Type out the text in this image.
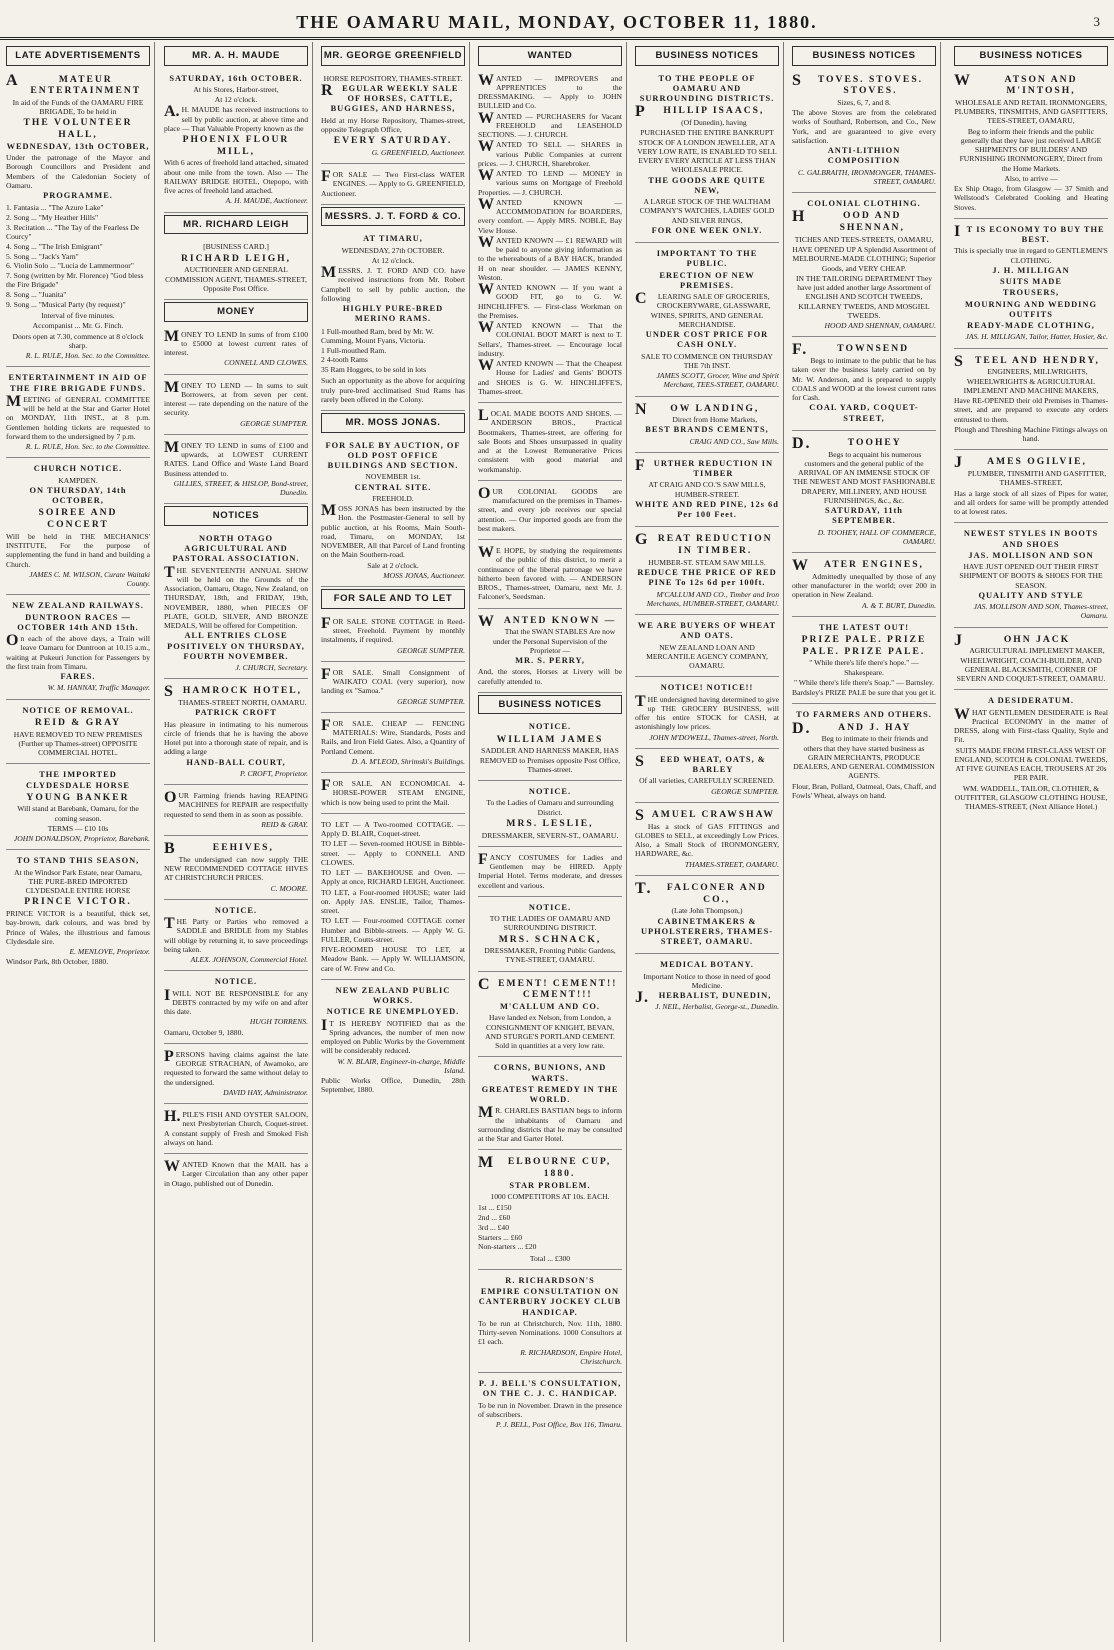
THE OAMARU MAIL, MONDAY, OCTOBER 11, 1880.	3
LATE ADVERTISEMENTS
AMATEUR ENTERTAINMENT
In aid of the Funds of the OAMARU FIRE BRIGADE, To be held in
THE VOLUNTEER HALL,
WEDNESDAY, 13th OCTOBER,
Under the patronage of the Mayor and Borough Councillors and President and Members of the Caledonian Society of Oamaru.
PROGRAMME.
1. Fantasia ... "The Azure Lake"
2. Song ... "My Heather Hills"
3. Recitation ... "The Tay of the Fearless De Courcy"
4. Song ... "The Irish Emigrant"
5. Song ... "Jack's Yarn"
6. Violin Solo ... "Lucia de Lammermoor"
7. Song (written by Mr. Florence) "God bless the Fire Brigade"
8. Song ... "Juanita"
9. Song ... "Musical Party (by request)"
Interval of five minutes.
Accompanist ... Mr. G. Finch.
Doors open at 7.30, commence at 8 o'clock sharp.
R. L. RULE, Hon. Sec. to the Committee.
ENTERTAINMENT IN AID OF THE FIRE BRIGADE FUNDS.
MEETING of GENERAL COMMITTEE will be held at the Star and Garter Hotel on MONDAY, 11th INST., at 8 p.m. Gentlemen holding tickets are requested to forward them to the undersigned by 7 p.m.
R. L. RULE, Hon. Sec. to the Committee.
CHURCH NOTICE.
KAMPDEN.
ON THURSDAY, 14th OCTOBER,
SOIREE AND CONCERT
Will be held in THE MECHANICS' INSTITUTE, For the purpose of supplementing the fund in hand and building a Church.
JAMES C. M. WILSON, Curate Waitaki County.
NEW ZEALAND RAILWAYS.
DUNTROON RACES — OCTOBER 14th AND 15th.
On each of the above days, a Train will leave Oamaru for Duntroon at 10.15 a.m., waiting at Pukeuri Junction for Passengers by the first train from Timaru.
FARES.
W. M. HANNAY, Traffic Manager.
NOTICE OF REMOVAL.
REID & GRAY
HAVE REMOVED TO NEW PREMISES (Further up Thames-street) OPPOSITE COMMERCIAL HOTEL.
THE IMPORTED CLYDESDALE HORSE
YOUNG BANKER
Will stand at Barebank, Oamaru, for the coming season.
TERMS — £10 10s
JOHN DONALDSON, Proprietor, Barebank.
TO STAND THIS SEASON,
At the Windsor Park Estate, near Oamaru, THE PURE-BRED IMPORTED CLYDESDALE ENTIRE HORSE
PRINCE VICTOR.
PRINCE VICTOR is a beautiful, thick set, bay-brown, dark colours, and was bred by Prince of Wales, the illustrious and famous Clydesdale sire.
E. MENLOVE, Proprietor.
Windsor Park, 8th October, 1880.
MR. A. H. MAUDE
SATURDAY, 16th OCTOBER.
At his Stores, Harbor-street,
At 12 o'clock.
A.H. MAUDE has received instructions to sell by public auction, at above time and place — That Valuable Property known as the
PHOENIX FLOUR MILL,
With 6 acres of freehold land attached, situated about one mile from the town. Also — The RAILWAY BRIDGE HOTEL, Otepopo, with five acres of freehold land attached.
A. H. MAUDE, Auctioneer.
MR. RICHARD LEIGH
[BUSINESS CARD.]
RICHARD LEIGH,
AUCTIONEER AND GENERAL COMMISSION AGENT, THAMES-STREET, Opposite Post Office.
MONEY
MONEY TO LEND In sums of from £100 to £5000 at lowest current rates of interest.
CONNELL AND CLOWES.
MONEY TO LEND — In sums to suit Borrowers, at from seven per cent. interest — rate depending on the nature of the security.
GEORGE SUMPTER.
MONEY TO LEND in sums of £100 and upwards, at LOWEST CURRENT RATES. Land Office and Waste Land Board Business attended to.
GILLIES, STREET, & HISLOP, Bond-street, Dunedin.
NOTICES
NORTH OTAGO AGRICULTURAL AND PASTORAL ASSOCIATION.
THE SEVENTEENTH ANNUAL SHOW will be held on the Grounds of the Association, Oamaru, Otago, New Zealand, on THURSDAY, 18th, and FRIDAY, 19th, NOVEMBER, 1880, when PIECES OF PLATE, GOLD, SILVER, AND BRONZE MEDALS, Will be offered for Competition.
ALL ENTRIES CLOSE POSITIVELY ON THURSDAY, FOURTH NOVEMBER.
J. CHURCH, Secretary.
SHAMROCK HOTEL,
THAMES-STREET NORTH, OAMARU.
PATRICK CROFT
Has pleasure in intimating to his numerous circle of friends that he is having the above Hotel put into a thorough state of repair, and is adding a large
HAND-BALL COURT,
P. CROFT, Proprietor.
OUR Farming friends having REAPING MACHINES for REPAIR are respectfully requested to send them in as soon as possible.
REID & GRAY.
BEEHIVES,
The undersigned can now supply THE NEW RECOMMENDED COTTAGE HIVES AT CHRISTCHURCH PRICES.
C. MOORE.
NOTICE.
THE Party or Parties who removed a SADDLE and BRIDLE from my Stables will oblige by returning it, to save proceedings being taken.
ALEX. JOHNSON, Commercial Hotel.
NOTICE.
IWILL NOT BE RESPONSIBLE for any DEBTS contracted by my wife on and after this date.
HUGH TORRENS.
Oamaru, October 9, 1880.
PERSONS having claims against the late GEORGE STRACHAN, of Awamoko, are requested to forward the same without delay to the undersigned.
DAVID HAY, Administrator.
H.PILE'S FISH AND OYSTER SALOON, next Presbyterian Church, Coquet-street. A constant supply of Fresh and Smoked Fish always on hand.
WANTED Known that the MAIL has a Larger Circulation than any other paper in Otago, published out of Dunedin.
MR. GEORGE GREENFIELD
HORSE REPOSITORY, THAMES-STREET.
REGULAR WEEKLY SALE OF HORSES, CATTLE, BUGGIES, AND HARNESS,
Held at my Horse Repository, Thames-street, opposite Telegraph Office,
EVERY SATURDAY.
G. GREENFIELD, Auctioneer.
FOR SALE — Two First-class WATER ENGINES. — Apply to G. GREENFIELD, Auctioneer.
MESSRS. J. T. FORD & CO.
AT TIMARU,
WEDNESDAY, 27th OCTOBER.
At 12 o'clock.
MESSRS. J. T. FORD AND CO. have received instructions from Mr. Robert Campbell to sell by public auction, the following
HIGHLY PURE-BRED MERINO RAMS.
1 Full-mouthed Ram, bred by Mr. W. Cumming, Mount Fyans, Victoria.
1 Full-mouthed Ram.
2 4-tooth Rams
35 Ram Hoggets, to be sold in lots
Such an opportunity as the above for acquiring truly pure-bred acclimatised Stud Rams has rarely been offered in the Colony.
MR. MOSS JONAS.
FOR SALE BY AUCTION, OF OLD POST OFFICE BUILDINGS AND SECTION.
NOVEMBER 1st.
CENTRAL SITE.
FREEHOLD.
MOSS JONAS has been instructed by the Hon. the Postmaster-General to sell by public auction, at his Rooms, Main South-road, Timaru, on MONDAY, 1st NOVEMBER, All that Parcel of Land fronting on the Main Southern-road.
Sale at 2 o'clock.
MOSS JONAS, Auctioneer.
FOR SALE AND TO LET
FOR SALE. STONE COTTAGE in Reed-street, Freehold. Payment by monthly instalments, if required.
GEORGE SUMPTER.
FOR SALE. Small Consignment of WAIKATO COAL (very superior), now landing ex "Samoa."
GEORGE SUMPTER.
FOR SALE. CHEAP — FENCING MATERIALS: Wire, Standards, Posts and Rails, and Iron Field Gates. Also, a Quantity of Portland Cement.
D. A. M'LEOD, Shrimski's Buildings.
FOR SALE. AN ECONOMICAL 4-HORSE-POWER STEAM ENGINE, which is now being used to print the Mail.
TO LET — A Two-roomed COTTAGE. — Apply D. BLAIR, Coquet-street.
TO LET — Seven-roomed HOUSE in Bibble-street. — Apply to CONNELL AND CLOWES.
TO LET — BAKEHOUSE and Oven. — Apply at once, RICHARD LEIGH, Auctioneer.
TO LET, a Four-roomed HOUSE; water laid on. Apply JAS. ENSLIE, Tailor, Thames-street.
TO LET — Four-roomed COTTAGE corner Humber and Bibble-streets. — Apply W. G. FULLER, Coutts-street.
FIVE-ROOMED HOUSE TO LET, at Meadow Bank. — Apply W. WILLIAMSON, care of W. Frew and Co.
NEW ZEALAND PUBLIC WORKS.
NOTICE RE UNEMPLOYED.
IT IS HEREBY NOTIFIED that as the Spring advances, the number of men now employed on Public Works by the Government will be considerably reduced.
W. N. BLAIR, Engineer-in-charge, Middle Island.
Public Works Office, Dunedin, 28th September, 1880.
WANTED
WANTED — IMPROVERS and APPRENTICES to the DRESSMAKING. — Apply to JOHN BULLEID and Co.
WANTED — PURCHASERS for Vacant FREEHOLD and LEASEHOLD SECTIONS. — J. CHURCH.
WANTED TO SELL — SHARES in various Public Companies at current prices. — J. CHURCH, Sharebroker.
WANTED TO LEND — MONEY in various sums on Mortgage of Freehold Properties. — J. CHURCH.
WANTED KNOWN — ACCOMMODATION for BOARDERS, every comfort. — Apply MRS. NOBLE, Bay View House.
WANTED KNOWN — £1 REWARD will be paid to anyone giving information as to the whereabouts of a BAY HACK, branded H on near shoulder. — JAMES KENNY, Weston.
WANTED KNOWN — If you want a GOOD FIT, go to G. W. HINCHLIFFE'S. — First-class Workman on the Premises.
WANTED KNOWN — That the COLONIAL BOOT MART is next to T. Sellars', Thames-street. — Encourage local industry.
WANTED KNOWN — That the Cheapest House for Ladies' and Gents' BOOTS and SHOES is G. W. HINCHLIFFE'S, Thames-street.
LOCAL MADE BOOTS AND SHOES. — ANDERSON BROS., Practical Bootmakers, Thames-street, are offering for sale Boots and Shoes unsurpassed in quality and at the Lowest Remunerative Prices consistent with good material and workmanship.
OUR COLONIAL GOODS are manufactured on the premises in Thames-street, and every job receives our special attention. — Our imported goods are from the best makers.
WE HOPE, by studying the requirements of the public of this district, to merit a continuance of the liberal patronage we have hitherto been favored with. — ANDERSON BROS., Thames-street, Oamaru, next Mr. J. Falconer's, Seedsman.
WANTED KNOWN —
That the SWAN STABLES Are now under the Personal Supervision of the Proprietor —
MR. S. PERRY,
And, the stores, Horses at Livery will be carefully attended to.
BUSINESS NOTICES
NOTICE.
WILLIAM JAMES
SADDLER AND HARNESS MAKER, HAS REMOVED to Premises opposite Post Office, Thames-street.
NOTICE.
To the Ladies of Oamaru and surrounding District.
MRS. LESLIE,
DRESSMAKER, SEVERN-ST., OAMARU.
FANCY COSTUMES for Ladies and Gentlemen may be HIRED. Apply Imperial Hotel. Terms moderate, and dresses excellent and various.
NOTICE.
TO THE LADIES OF OAMARU AND SURROUNDING DISTRICT.
MRS. SCHNACK,
DRESSMAKER, Fronting Public Gardens, TYNE-STREET, OAMARU.
CEMENT! CEMENT!! CEMENT!!!
M'CALLUM AND CO.
Have landed ex Nelson, from London, a CONSIGNMENT OF KNIGHT, BEVAN, AND STURGE'S PORTLAND CEMENT. Sold in quantities at a very low rate.
CORNS, BUNIONS, AND WARTS.
GREATEST REMEDY IN THE WORLD.
MR. CHARLES BASTIAN begs to inform the inhabitants of Oamaru and surrounding districts that he may be consulted at the Star and Garter Hotel.
MELBOURNE CUP, 1880.
STAR PROBLEM.
1000 COMPETITORS AT 10s. EACH.
1st ... £150
2nd ... £60
3rd ... £40
Starters ... £60
Non-starters ... £20
Total ... £300
R. RICHARDSON'S
EMPIRE CONSULTATION ON CANTERBURY JOCKEY CLUB HANDICAP.
To be run at Christchurch, Nov. 11th, 1880. Thirty-seven Nominations. 1000 Consultors at £1 each.
R. RICHARDSON, Empire Hotel, Christchurch.
P. J. BELL'S CONSULTATION, ON THE C. J. C. HANDICAP.
To be run in November. Drawn in the presence of subscribers.
P. J. BELL, Post Office, Box 116, Timaru.
BUSINESS NOTICES
TO THE PEOPLE OF OAMARU AND SURROUNDING DISTRICTS.
PHILLIP ISAACS,
(Of Dunedin), having
PURCHASED THE ENTIRE BANKRUPT STOCK OF A LONDON JEWELLER, AT A VERY LOW RATE, IS ENABLED TO SELL EVERY EVERY ARTICLE AT LESS THAN WHOLESALE PRICE.
THE GOODS ARE QUITE NEW,
A LARGE STOCK OF THE WALTHAM COMPANY'S WATCHES, LADIES' GOLD AND SILVER RINGS,
FOR ONE WEEK ONLY.
IMPORTANT TO THE PUBLIC.
ERECTION OF NEW PREMISES.
CLEARING SALE OF GROCERIES, CROCKERYWARE, GLASSWARE, WINES, SPIRITS, AND GENERAL MERCHANDISE.
UNDER COST PRICE FOR CASH ONLY.
SALE TO COMMENCE ON THURSDAY THE 7th INST.
JAMES SCOTT, Grocer, Wine and Spirit Merchant, TEES-STREET, OAMARU.
NOW LANDING,
Direct from Home Markets,
BEST BRANDS CEMENTS,
CRAIG AND CO., Saw Mills.
FURTHER REDUCTION IN TIMBER
AT CRAIG AND CO.'S SAW MILLS, HUMBER-STREET.
WHITE AND RED PINE, 12s 6d Per 100 Feet.
GREAT REDUCTION IN TIMBER.
HUMBER-ST. STEAM SAW MILLS.
REDUCE THE PRICE OF RED PINE To 12s 6d per 100ft.
M'CALLUM AND CO., Timber and Iron Merchants, HUMBER-STREET, OAMARU.
WE ARE BUYERS OF WHEAT AND OATS.
NEW ZEALAND LOAN AND MERCANTILE AGENCY COMPANY, OAMARU.
NOTICE! NOTICE!!
THE undersigned having determined to give up THE GROCERY BUSINESS, will offer his entire STOCK for CASH, at astonishingly low prices.
JOHN M'DOWELL, Thames-street, North.
SEED WHEAT, OATS, & BARLEY
Of all varieties, CAREFULLY SCREENED.
GEORGE SUMPTER.
SAMUEL CRAWSHAW
Has a stock of GAS FITTINGS and GLOBES to SELL, at exceedingly Low Prices. Also, a Small Stock of IRONMONGERY, HARDWARE, &c.
THAMES-STREET, OAMARU.
T.FALCONER AND CO.,
(Late John Thompson,)
CABINETMAKERS & UPHOLSTERERS, THAMES-STREET, OAMARU.
MEDICAL BOTANY.
Important Notice to those in need of good Medicine.
J.HERBALIST, DUNEDIN,
J. NEIL, Herbalist, George-st., Dunedin.
BUSINESS NOTICES
STOVES. STOVES. STOVES.
Sizes, 6, 7, and 8.
The above Stoves are from the celebrated works of Southard, Robertson, and Co., New York, and are guaranteed to give every satisfaction.
ANTI-LITHION COMPOSITION
C. GALBRAITH, IRONMONGER, THAMES-STREET, OAMARU.
COLONIAL CLOTHING.
HOOD AND SHENNAN,
TICHES AND TEES-STREETS, OAMARU,
HAVE OPENED UP A Splendid Assortment of MELBOURNE-MADE CLOTHING; Superior Goods, and VERY CHEAP.
IN THE TAILORING DEPARTMENT They have just added another large Assortment of ENGLISH AND SCOTCH TWEEDS, KILLARNEY TWEEDS, AND MOSGIEL TWEEDS.
HOOD AND SHENNAN, OAMARU.
F.TOWNSEND
Begs to intimate to the public that he has taken over the business lately carried on by Mr. W. Anderson, and is prepared to supply COALS and WOOD at the lowest current rates for Cash.
COAL YARD, COQUET-STREET,
D.TOOHEY
Begs to acquaint his numerous customers and the general public of the ARRIVAL OF AN IMMENSE STOCK OF THE NEWEST AND MOST FASHIONABLE DRAPERY, MILLINERY, AND HOUSE FURNISHINGS, &c., &c.
SATURDAY, 11th SEPTEMBER.
D. TOOHEY, HALL OF COMMERCE, OAMARU.
WATER ENGINES,
Admittedly unequalled by those of any other manufacturer in the world; over 200 in operation in New Zealand.
A. & T. BURT, Dunedin.
THE LATEST OUT!
PRIZE PALE. PRIZE PALE. PRIZE PALE.
" While there's life there's hope." — Shakespeare.
" While there's life there's Soap." — Barnsley.
Bardsley's PRIZE PALE be sure that you get it.
TO FARMERS AND OTHERS.
D.AND J. HAY
Beg to intimate to their friends and others that they have started business as GRAIN MERCHANTS, PRODUCE DEALERS, AND GENERAL COMMISSION AGENTS.
Flour, Bran, Pollard, Oatmeal, Oats, Chaff, and Fowls' Wheat, always on hand.
BUSINESS NOTICES
WATSON AND M'INTOSH,
WHOLESALE AND RETAIL IRONMONGERS, PLUMBERS, TINSMITHS, AND GASFITTERS, TEES-STREET, OAMARU,
Beg to inform their friends and the public generally that they have just received LARGE SHIPMENTS OF BUILDERS' AND FURNISHING IRONMONGERY, Direct from the Home Markets.
Also, to arrive —
Ex Ship Otago, from Glasgow — 37 Smith and Wellstood's Celebrated Cooking and Heating Stoves.
IT IS ECONOMY TO BUY THE BEST.
This is specially true in regard to GENTLEMEN'S CLOTHING.
J. H. MILLIGAN
SUITS MADE
TROUSERS,
MOURNING AND WEDDING OUTFITS
READY-MADE CLOTHING,
JAS. H. MILLIGAN, Tailor, Hatter, Hosier, &c.
STEEL AND HENDRY,
ENGINEERS, MILLWRIGHTS, WHEELWRIGHTS & AGRICULTURAL IMPLEMENT AND MACHINE MAKERS,
Have RE-OPENED their old Premises in Thames-street, and are prepared to execute any orders entrusted to them.
Plough and Threshing Machine Fittings always on hand.
JAMES OGILVIE,
PLUMBER, TINSMITH AND GASFITTER, THAMES-STREET,
Has a large stock of all sizes of Pipes for water, and all orders for same will be promptly attended to at lowest rates.
NEWEST STYLES IN BOOTS AND SHOES
JAS. MOLLISON AND SON
HAVE JUST OPENED OUT THEIR FIRST SHIPMENT OF BOOTS & SHOES FOR THE SEASON.
QUALITY AND STYLE
JAS. MOLLISON AND SON, Thames-street, Oamaru.
JOHN JACK
AGRICULTURAL IMPLEMENT MAKER, WHEELWRIGHT, COACH-BUILDER, AND GENERAL BLACKSMITH, CORNER OF SEVERN AND COQUET-STREET, OAMARU.
A DESIDERATUM.
WHAT GENTLEMEN DESIDERATE is Real Practical ECONOMY in the matter of DRESS, along with First-class Quality, Style and Fit.
SUITS MADE FROM FIRST-CLASS WEST OF ENGLAND, SCOTCH & COLONIAL TWEEDS, AT FIVE GUINEAS EACH, TROUSERS AT 20s PER PAIR.
WM. WADDELL, TAILOR, CLOTHIER, & OUTFITTER, GLASGOW CLOTHING HOUSE, THAMES-STREET, (Next Alliance Hotel.)
